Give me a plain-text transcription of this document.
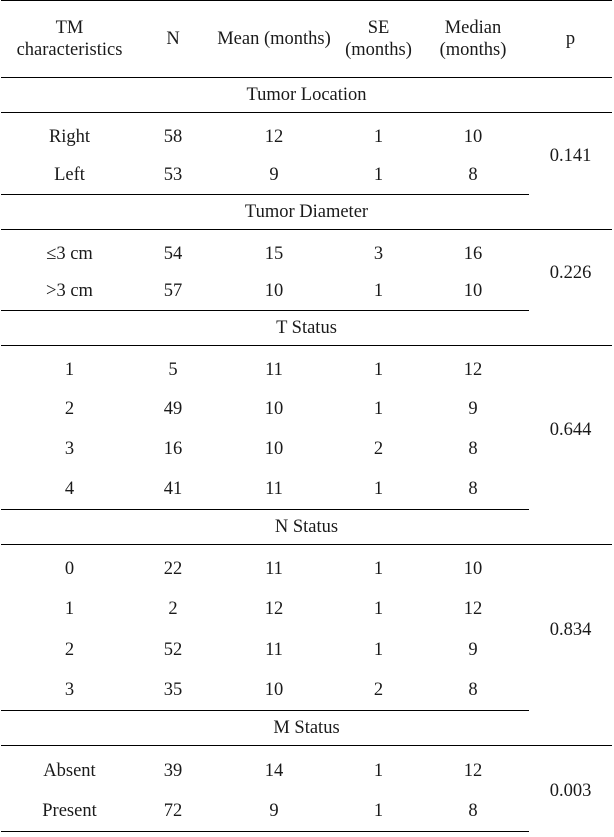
TM characteristics	N	Mean (months)	SE (months)	Median (months)	p
Tumor Location					
Right	58	12	1	10	0.141
Left	53	9	1	8	
Tumor Diameter					
≤3 cm	54	15	3	16	0.226
>3 cm	57	10	1	10	
T Status					
1	5	11	1	12	0.644
2	49	10	1	9	
3	16	10	2	8	
4	41	11	1	8	
N Status					
0	22	11	1	10	0.834
1	2	12	1	12	
2	52	11	1	9	
3	35	10	2	8	
M Status					
Absent	39	14	1	12	0.003
Present	72	9	1	8	
